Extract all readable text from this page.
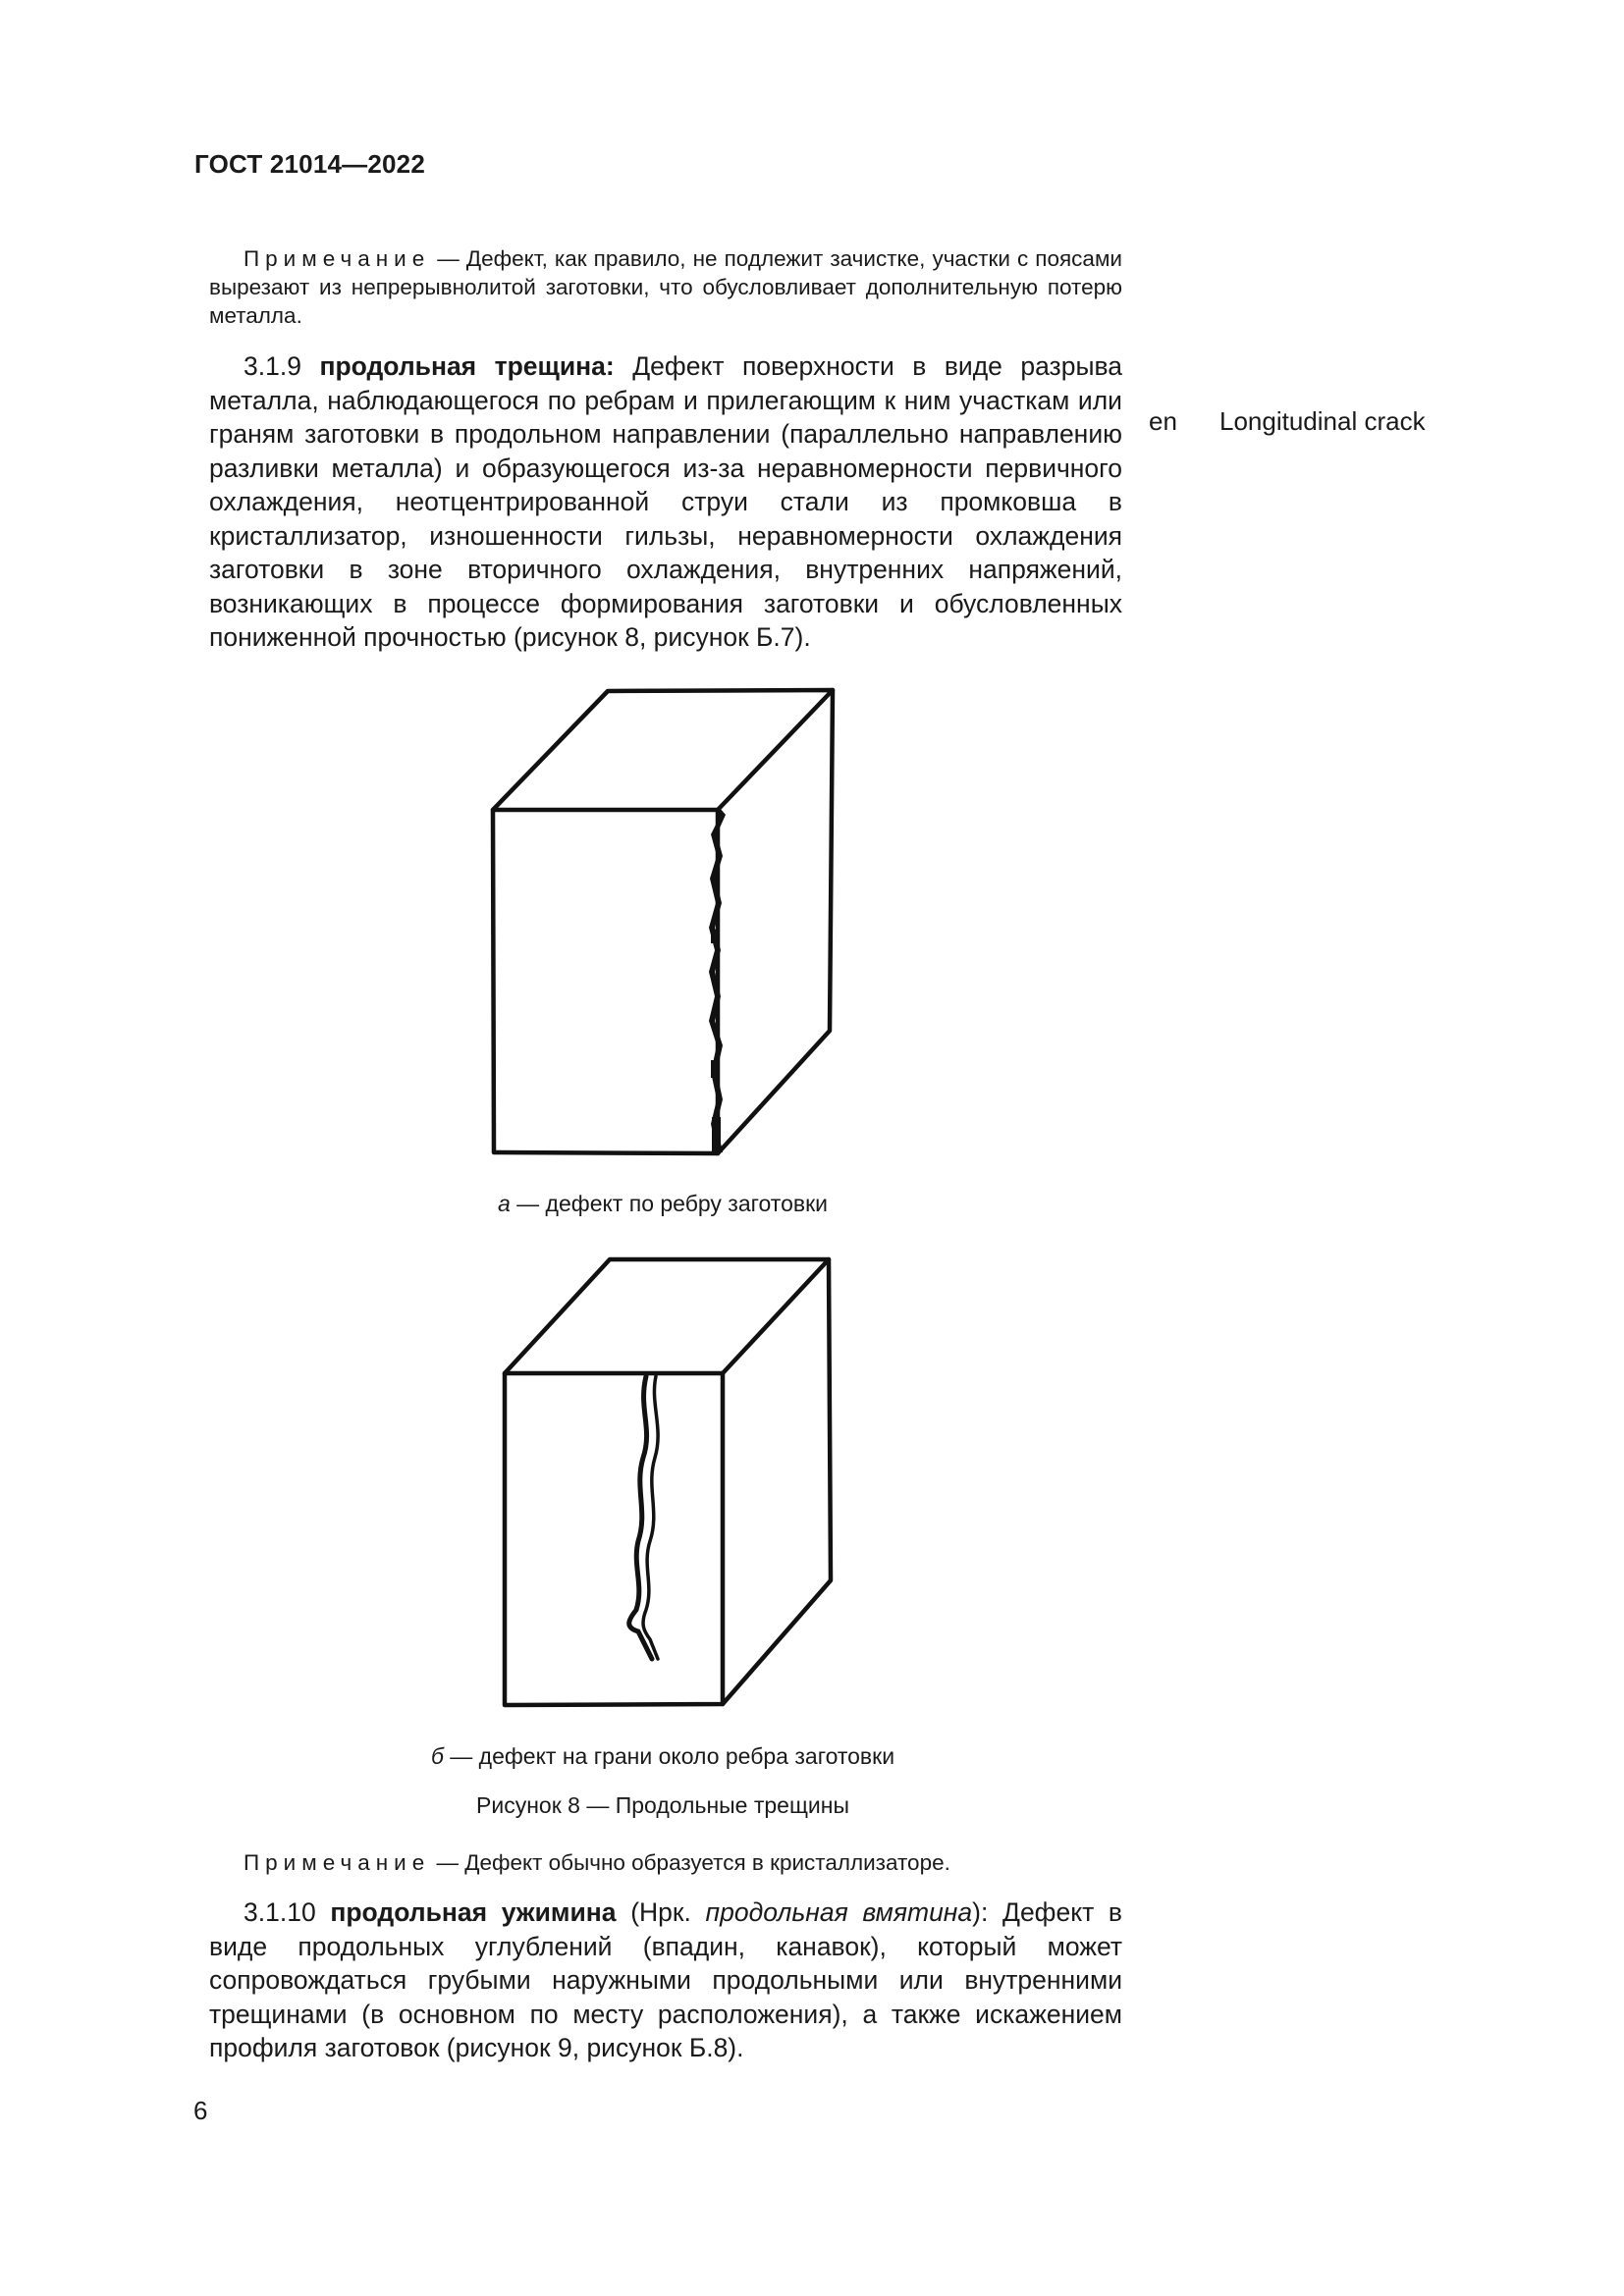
ГОСТ 21014—2022
Примечание — Дефект, как правило, не подлежит зачистке, участки с поясами вырезают из непрерывнолитой заготовки, что обусловливает дополнительную потерю металла.
3.1.9 продольная трещина: Дефект поверхности в виде разрыва металла, наблюдающегося по ребрам и прилегающим к ним участкам или граням заготовки в продольном направлении (параллельно направлению разливки металла) и образующегося из-за неравномерности первичного охлаждения, неотцентрированной струи стали из промковша в кристаллизатор, изношенности гильзы, неравномерности охлаждения заготовки в зоне вторичного охлаждения, внутренних напряжений, возникающих в процессе формирования заготовки и обусловленных пониженной прочностью (рисунок 8, рисунок Б.7).
en Longitudinal crack
а — дефект по ребру заготовки
б — дефект на грани около ребра заготовки
Рисунок 8 — Продольные трещины
Примечание — Дефект обычно образуется в кристаллизаторе.
3.1.10 продольная ужимина (Нрк. продольная вмятина): Дефект в виде продольных углублений (впадин, канавок), который может сопровождаться грубыми наружными продольными или внутренними трещинами (в основном по месту расположения), а также искажением профиля заготовок (рисунок 9, рисунок Б.8).
6
